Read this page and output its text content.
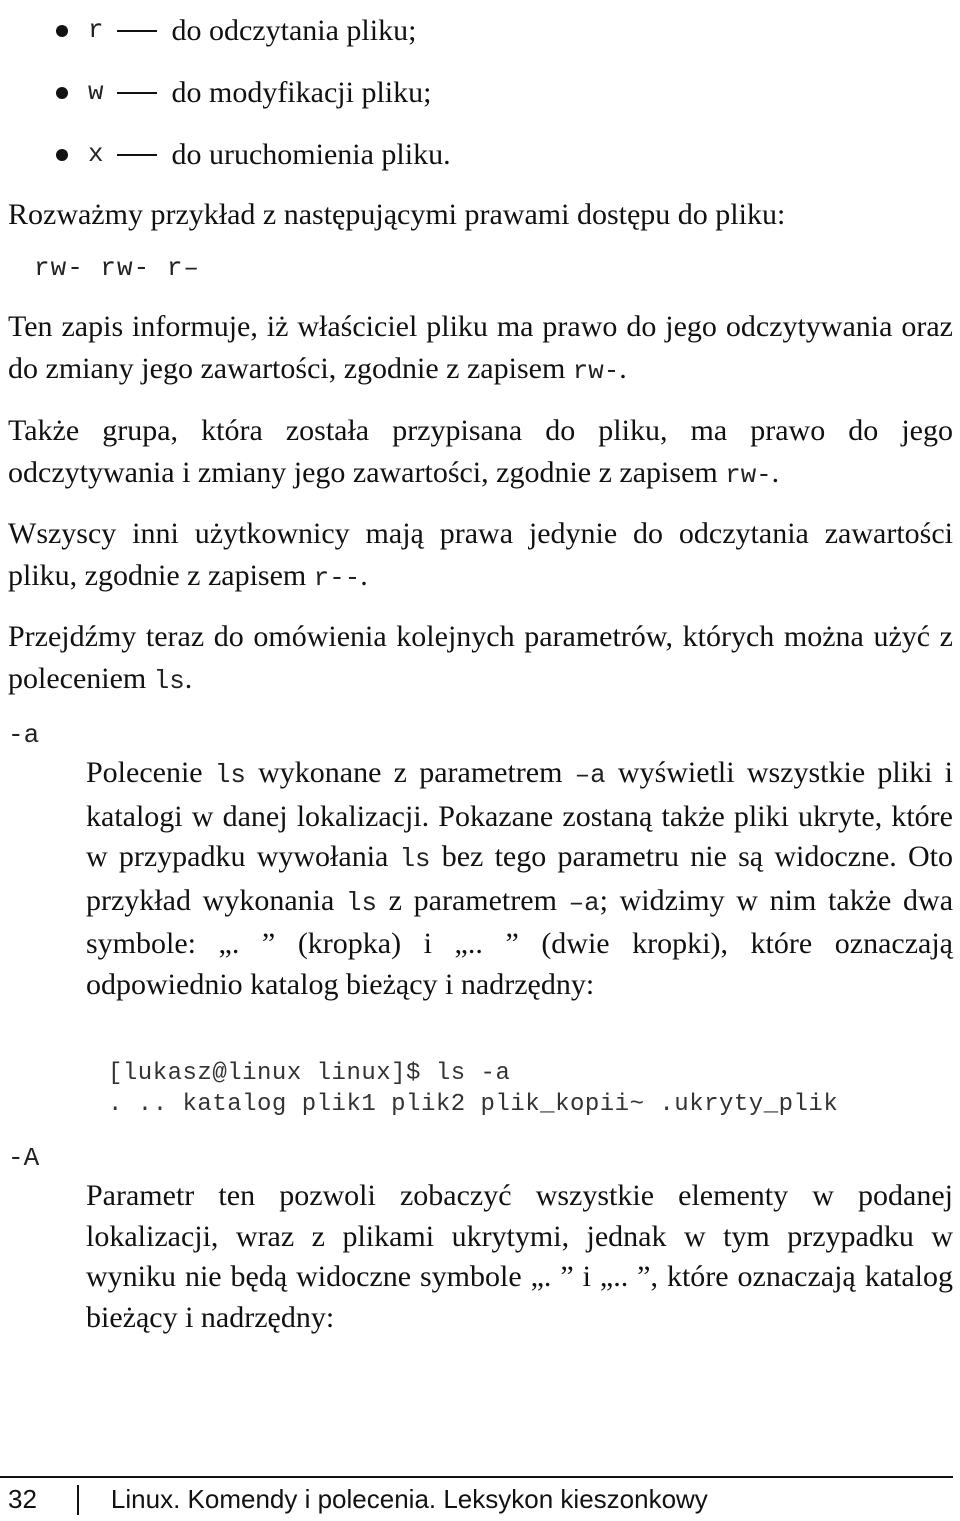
r do odczytania pliku;
w do modyfikacji pliku;
x do uruchomienia pliku.

Rozważmy przykład z następującymi prawami dostępu do pliku:

rw- rw- r–

Ten zapis informuje, iż właściciel pliku ma prawo do jego odczytywania oraz do zmiany jego zawartości, zgodnie z zapisem rw-.

Także grupa, która została przypisana do pliku, ma prawo do jego odczytywania i zmiany jego zawartości, zgodnie z zapisem rw-.

Wszyscy inni użytkownicy mają prawa jedynie do odczytania zawartości pliku, zgodnie z zapisem r--.

Przejdźmy teraz do omówienia kolejnych parametrów, których można użyć z poleceniem ls.

-a

Polecenie ls wykonane z parametrem –a wyświetli wszystkie pliki i katalogi w danej lokalizacji. Pokazane zostaną także pliki ukryte, które w przypadku wywołania ls bez tego parametru nie są widoczne. Oto przykład wykonania ls z parametrem –a; widzimy w nim także dwa symbole: „. ” (kropka) i „.. ” (dwie kropki), które oznaczają odpowiednio katalog bieżący i nadrzędny:

[lukasz@linux linux]$ ls -a
. .. katalog plik1 plik2 plik_kopii~ .ukryty_plik
-A

Parametr ten pozwoli zobaczyć wszystkie elementy w podanej lokalizacji, wraz z plikami ukrytymi, jednak w tym przypadku w wyniku nie będą widoczne symbole „. ” i „.. ”, które oznaczają katalog bieżący i nadrzędny:

32	Linux. Komendy i polecenia. Leksykon kieszonkowy
